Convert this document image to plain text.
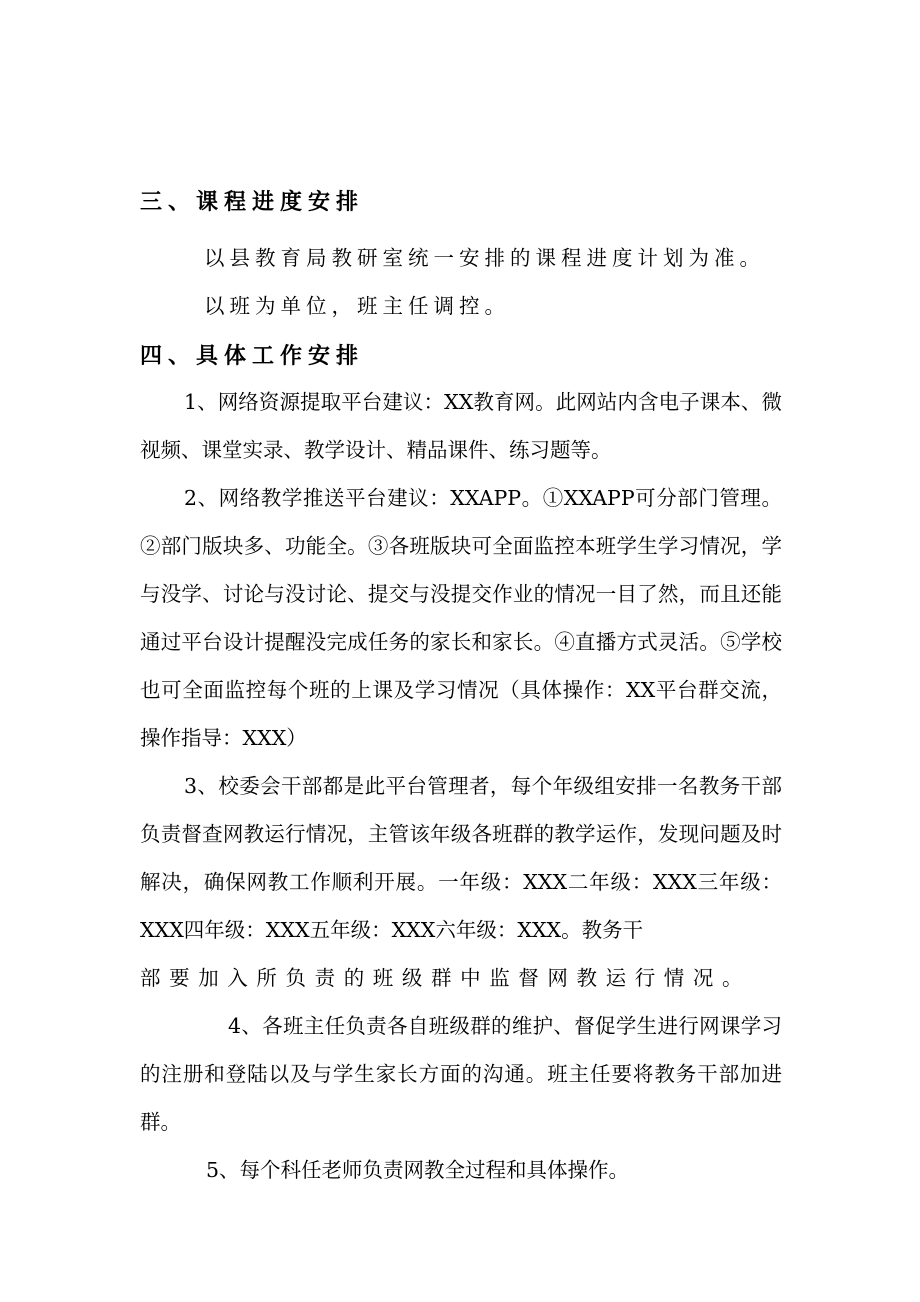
三、课程进度安排

以县教育局教研室统一安排的课程进度计划为准。
以班为单位，班主任调控。

四、具体工作安排

1、网络资源提取平台建议：XX教育网。此网站内含电子课本、微视频、课堂实录、教学设计、精品课件、练习题等。

2、网络教学推送平台建议：XXAPP。①XXAPP可分部门管理。②部门版块多、功能全。③各班版块可全面监控本班学生学习情况，学与没学、讨论与没讨论、提交与没提交作业的情况一目了然，而且还能通过平台设计提醒没完成任务的家长和家长。④直播方式灵活。⑤学校也可全面监控每个班的上课及学习情况（具体操作：XX平台群交流，操作指导：XXX）

3、校委会干部都是此平台管理者，每个年级组安排一名教务干部负责督查网教运行情况，主管该年级各班群的教学运作，发现问题及时解决，确保网教工作顺利开展。一年级：XXX二年级：XXX三年级：XXX四年级：XXX五年级：XXX六年级：XXX。教务干
部要加入所负责的班级群中监督网教运行情况。

4、各班主任负责各自班级群的维护、督促学生进行网课学习的注册和登陆以及与学生家长方面的沟通。班主任要将教务干部加进群。

5、每个科任老师负责网教全过程和具体操作。
